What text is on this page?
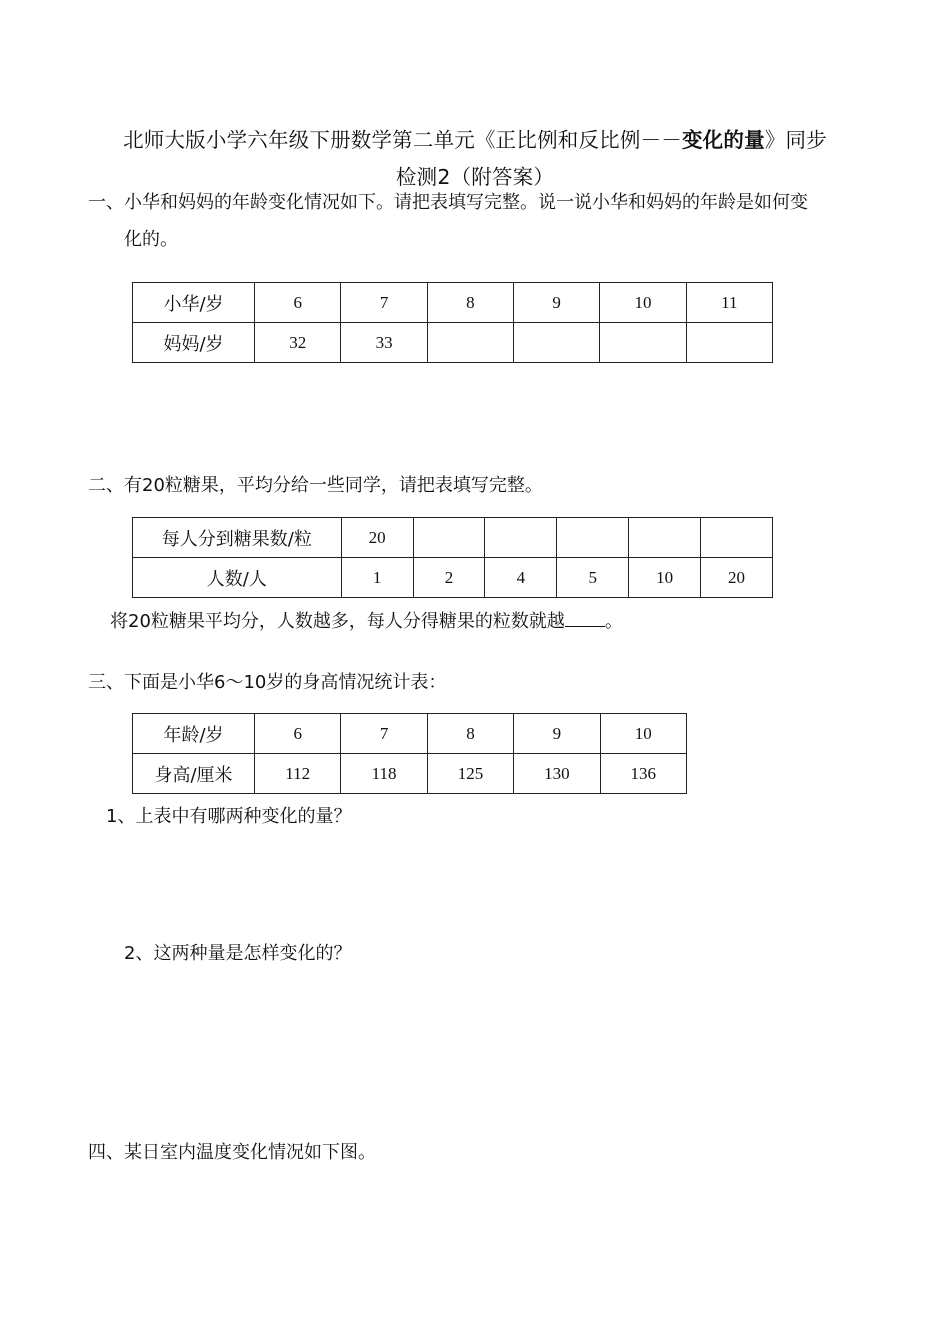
北师大版小学六年级下册数学第二单元《正比例和反比例－－变化的量》同步
检测2（附答案）
一、小华和妈妈的年龄变化情况如下。请把表填写完整。说一说小华和妈妈的年龄是如何变
化的。
小华/岁	6	7	8	9	10	11
妈妈/岁	32	33				
二、有20粒糖果，平均分给一些同学，请把表填写完整。
每人分到糖果数/粒	20					
人数/人	1	2	4	5	10	20
将20粒糖果平均分，人数越多，每人分得糖果的粒数就越 。
三、下面是小华6～10岁的身高情况统计表：
年龄/岁	6	7	8	9	10
身高/厘米	112	118	125	130	136
1、上表中有哪两种变化的量？
2、这两种量是怎样变化的？
四、某日室内温度变化情况如下图。
